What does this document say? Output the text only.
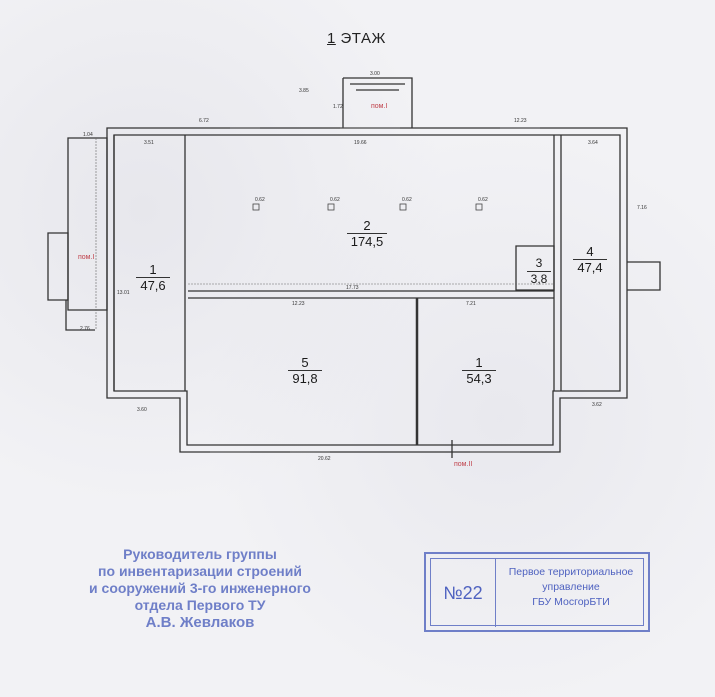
1 ЭТАЖ
1
47,6
2
174,5
3
3,8
4
47,4
5
91,8
1
54,3
пом.I
пом.I
пом.II
3.85
3.00
1.72
6.72
19.66
12.23
3.51	3.64
1.04
0.62	0.62	0.62	0.62
17.73
12.23	7.21
20.62
3.60
3.62
2.76
13.01
7.16
Руководитель группы
по инвентаризации строений
и сооружений 3-го инженерного
отдела Первого ТУ
А.В. Жевлаков
№22
Первое территориальное
управление
ГБУ МосгорБТИ
